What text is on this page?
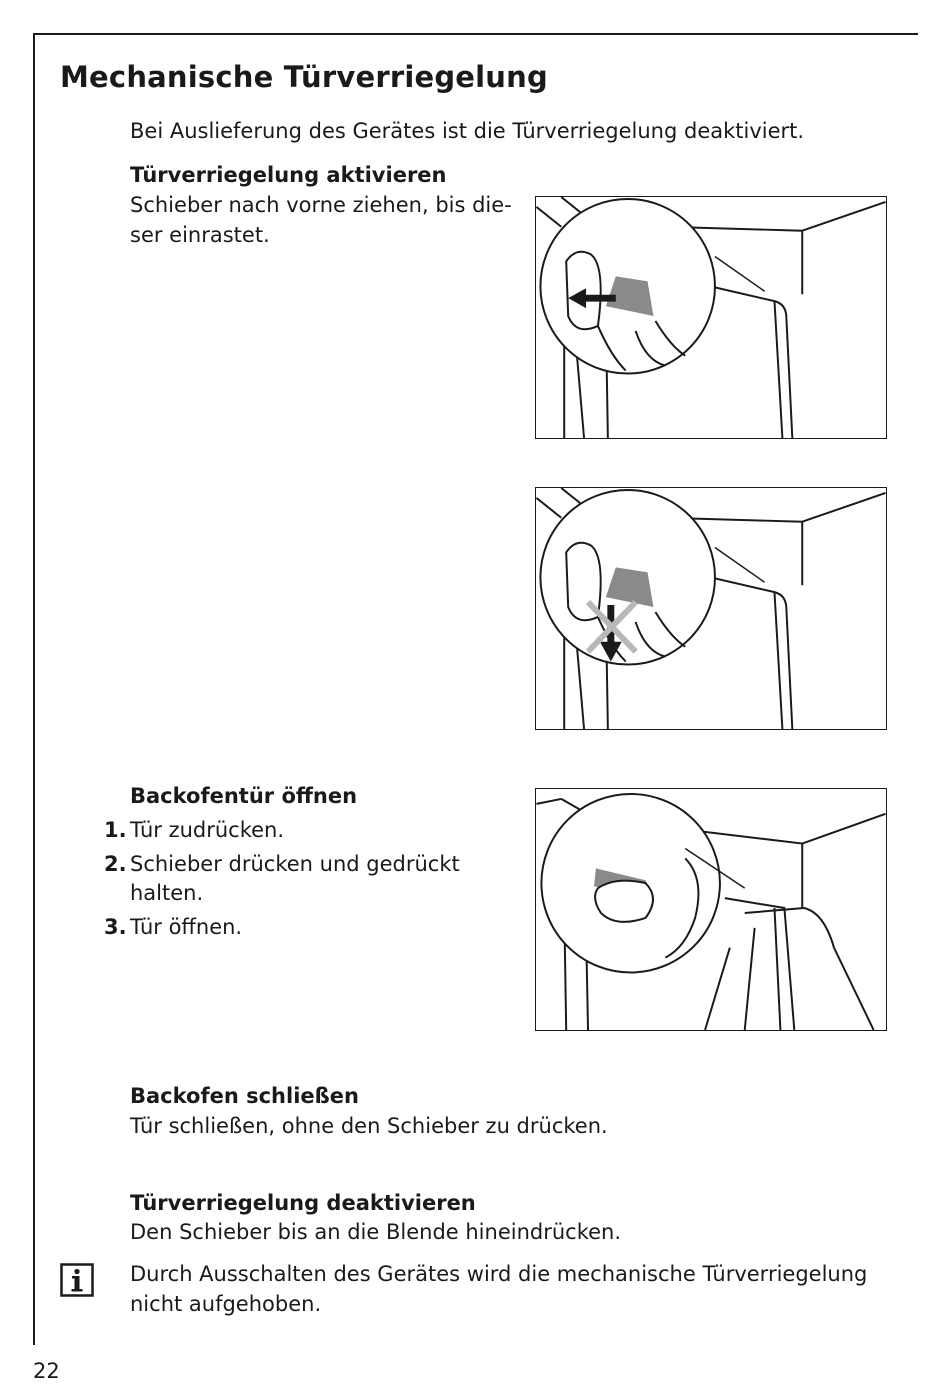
Mechanische Türverriegelung
Bei Auslieferung des Gerätes ist die Türverriegelung deaktiviert.
Türverriegelung aktivieren
Schieber nach vorne ziehen, bis die-
ser einrastet.
Backofentür öffnen
1. Tür zudrücken.
2. Schieber drücken und gedrückt
halten.
3. Tür öffnen.
Backofen schließen
Tür schließen, ohne den Schieber zu drücken.
Türverriegelung deaktivieren
Den Schieber bis an die Blende hineindrücken.
Durch Ausschalten des Gerätes wird die mechanische Türverriegelung
nicht aufgehoben.
22
